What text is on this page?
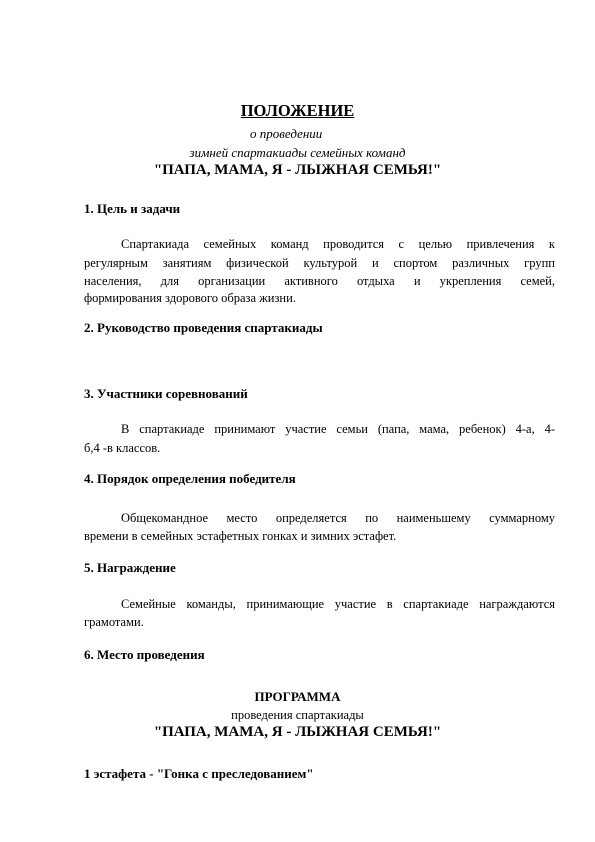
ПОЛОЖЕНИЕ
о проведении
зимней спартакиады семейных команд
"ПАПА, МАМА, Я - ЛЫЖНАЯ СЕМЬЯ!"
1. Цель и задачи
Спартакиада семейных команд проводится с целью привлечения к
регулярным занятиям физической культурой и спортом различных групп
населения, для организации активного отдыха и укрепления семей,
формирования здорового образа жизни.
2. Руководство проведения спартакиады
3. Участники соревнований
В спартакиаде принимают участие семьи (папа, мама, ребенок) 4-а, 4-
б,4 -в классов.
4. Порядок определения победителя
Общекомандное место определяется по наименьшему суммарному
времени в семейных эстафетных гонках и зимних эстафет.
5. Награждение
Семейные команды, принимающие участие в спартакиаде награждаются
грамотами.
6. Место проведения
ПРОГРАММА
проведения спартакиады
"ПАПА, МАМА, Я - ЛЫЖНАЯ СЕМЬЯ!"
1 эстафета - "Гонка с преследованием"
